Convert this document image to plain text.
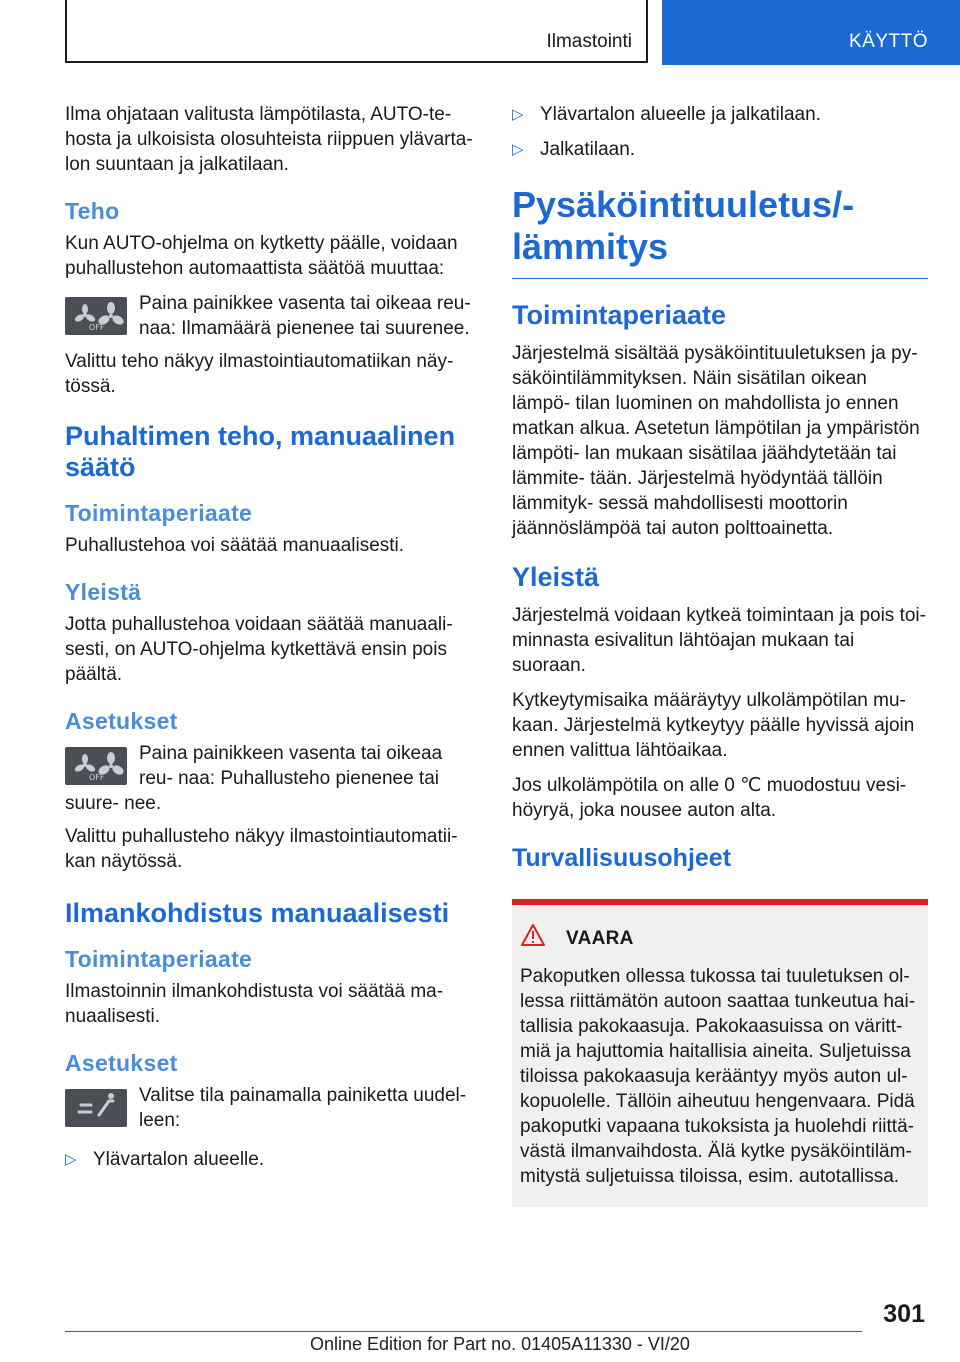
Ilmastointi	KÄYTTÖ

Ilma ohjataan valitusta lämpötilasta, AUTO-te- hosta ja ulkoisista olosuhteista riippuen ylävarta- lon suuntaan ja jalkatilaan.

Teho

Kun AUTO-ohjelma on kytketty päälle, voidaan puhallustehon automaattista säätöä muuttaa:

OFF
Paina painikkee vasenta tai oikeaa reu- naa: Ilmamäärä pienenee tai suurenee.

Valittu teho näkyy ilmastointiautomatiikan näy- tössä.

Puhaltimen teho, manuaalinen säätö
Toimintaperiaate

Puhallustehoa voi säätää manuaalisesti.

Yleistä

Jotta puhallustehoa voidaan säätää manuaali- sesti, on AUTO-ohjelma kytkettävä ensin pois päältä.

Asetukset
OFF
Paina painikkeen vasenta tai oikeaa reu- naa: Puhallusteho pienenee tai suure- nee.

Valittu puhallusteho näkyy ilmastointiautomatii- kan näytössä.

Ilmankohdistus manuaalisesti
Toimintaperiaate

Ilmastoinnin ilmankohdistusta voi säätää ma- nuaalisesti.

Asetukset
Valitse tila painamalla painiketta uudel- leen:
▷ Ylävartalon alueelle.
▷ Ylävartalon alueelle ja jalkatilaan.
▷ Jalkatilaan.
Pysäköintituuletus/- lämmitys
Toimintaperiaate

Järjestelmä sisältää pysäköintituuletuksen ja py- säköintilämmityksen. Näin sisätilan oikean lämpö- tilan luominen on mahdollista jo ennen matkan alkua. Asetetun lämpötilan ja ympäristön lämpöti- lan mukaan sisätilaa jäähdytetään tai lämmite- tään. Järjestelmä hyödyntää tällöin lämmityk- sessä mahdollisesti moottorin jäännöslämpöä tai auton polttoainetta.

Yleistä

Järjestelmä voidaan kytkeä toimintaan ja pois toi- minnasta esivalitun lähtöajan mukaan tai suoraan.

Kytkeytymisaika määräytyy ulkolämpötilan mu- kaan. Järjestelmä kytkeytyy päälle hyvissä ajoin ennen valittua lähtöaikaa.

Jos ulkolämpötila on alle 0 ℃ muodostuu vesi- höyryä, joka nousee auton alta.

Turvallisuusohjeet
VAARA
Pakoputken ollessa tukossa tai tuuletuksen ol- lessa riittämätön autoon saattaa tunkeutua hai- tallisia pakokaasuja. Pakokaasuissa on väritt- miä ja hajuttomia haitallisia aineita. Suljetuissa tiloissa pakokaasuja kerääntyy myös auton ul- kopuolelle. Tällöin aiheutuu hengenvaara. Pidä pakoputki vapaana tukoksista ja huolehdi riittä- västä ilmanvaihdosta. Älä kytke pysäköintiläm- mitystä suljetuissa tiloissa, esim. autotallissa.
301
Online Edition for Part no. 01405A11330 - VI/20
